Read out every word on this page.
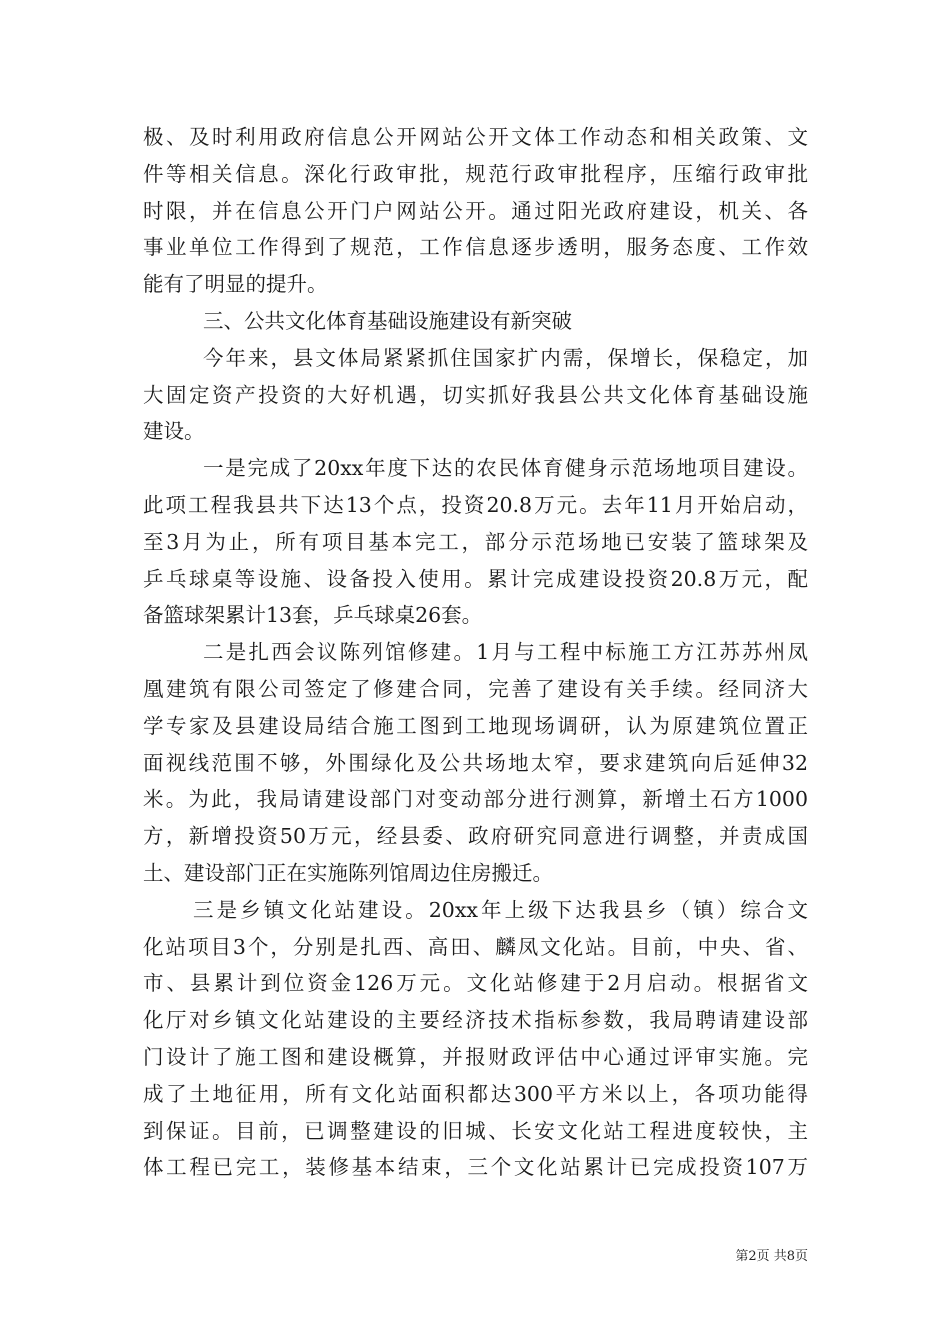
极、及时利用政府信息公开网站公开文体工作动态和相关政策、文
件等相关信息。深化行政审批，规范行政审批程序，压缩行政审批
时限，并在信息公开门户网站公开。通过阳光政府建设，机关、各
事业单位工作得到了规范，工作信息逐步透明，服务态度、工作效
能有了明显的提升。
三、公共文化体育基础设施建设有新突破
今年来，县文体局紧紧抓住国家扩内需，保增长，保稳定，加
大固定资产投资的大好机遇，切实抓好我县公共文化体育基础设施
建设。
一是完成了20xx年度下达的农民体育健身示范场地项目建设。
此项工程我县共下达13个点，投资20.8万元。去年11月开始启动，
至3月为止，所有项目基本完工，部分示范场地已安装了篮球架及
乒乓球桌等设施、设备投入使用。累计完成建设投资20.8万元，配
备篮球架累计13套，乒乓球桌26套。
二是扎西会议陈列馆修建。1月与工程中标施工方江苏苏州凤
凰建筑有限公司签定了修建合同，完善了建设有关手续。经同济大
学专家及县建设局结合施工图到工地现场调研，认为原建筑位置正
面视线范围不够，外围绿化及公共场地太窄，要求建筑向后延伸32
米。为此，我局请建设部门对变动部分进行测算，新增土石方1000
方，新增投资50万元，经县委、政府研究同意进行调整，并责成国
土、建设部门正在实施陈列馆周边住房搬迁。
三是乡镇文化站建设。20xx年上级下达我县乡（镇）综合文
化站项目3个，分别是扎西、高田、麟凤文化站。目前，中央、省、
市、县累计到位资金126万元。文化站修建于2月启动。根据省文
化厅对乡镇文化站建设的主要经济技术指标参数，我局聘请建设部
门设计了施工图和建设概算，并报财政评估中心通过评审实施。完
成了土地征用，所有文化站面积都达300平方米以上，各项功能得
到保证。目前，已调整建设的旧城、长安文化站工程进度较快，主
体工程已完工，装修基本结束，三个文化站累计已完成投资107万
第2页 共8页
